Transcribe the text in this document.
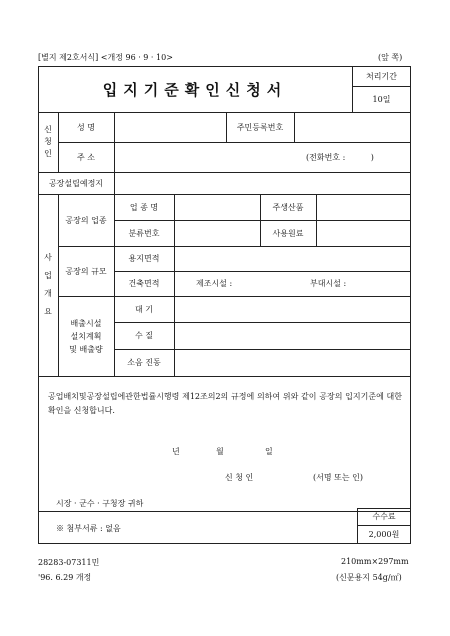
[별지 제2호서식] <개정 96 · 9 · 10>	(앞 쪽)
입지기준확인신청서
처리기간
10일
신
청
인
성 명	주민등록번호
주 소	(전화번호 :          )
공장설립예정지
사

업

개

요
공장의 업종
업 종 명	주생산품
분류번호	사용원료
공장의 규모
용지면적
건축면적	제조시설 :	부대시설 :
배출시설
설치계획
및 배출량
대 기
수 질
소음 진동
공업배치및공장설립에관한법률시행령 제12조의2의 규정에 의하여 위와 같이 공장의 입지기준에 대한 확인을 신청합니다.
년	월	일
신 청 인	(서명 또는 인)
시장 · 군수 · 구청장 귀하
※ 첨부서류 : 없음
수수료
2,000원
28283-07311민
'96. 6.29 개정
210mm×297mm
(신문용지 54g/㎡)
